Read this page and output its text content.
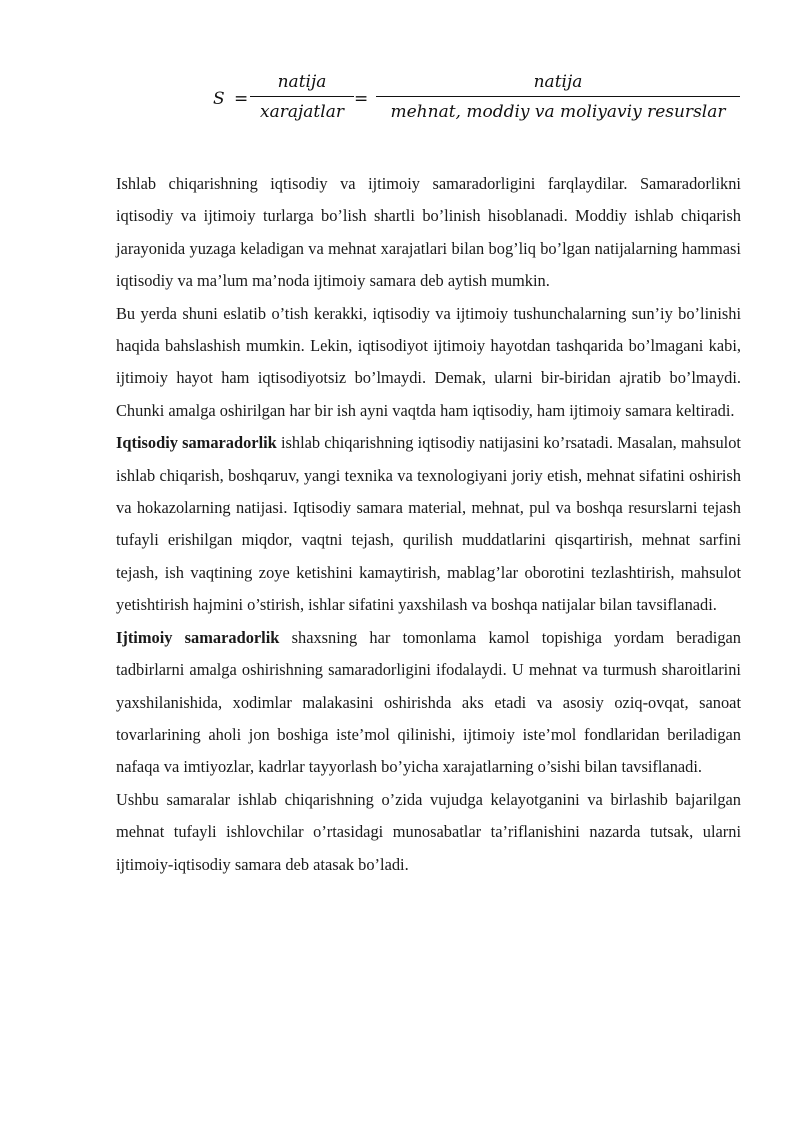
S =
natija
xarajatlar
=
natija
mehnat, moddiy va moliyaviy resurslar

Ishlab chiqarishning iqtisodiy va ijtimoiy samaradorligini farqlaydilar. Samaradorlikni iqtisodiy va ijtimoiy turlarga bo’lish shartli bo’linish hisoblanadi. Moddiy ishlab chiqarish jarayonida yuzaga keladigan va mehnat xarajatlari bilan bog’liq bo’lgan natijalarning hammasi iqtisodiy va ma’lum ma’noda ijtimoiy samara deb aytish mumkin.

Bu yerda shuni eslatib o’tish kerakki, iqtisodiy va ijtimoiy tushunchalarning sun’iy bo’linishi haqida bahslashish mumkin. Lekin, iqtisodiyot ijtimoiy hayotdan tashqarida bo’lmagani kabi, ijtimoiy hayot ham iqtisodiyotsiz bo’lmaydi. Demak, ularni bir-biridan ajratib bo’lmaydi. Chunki amalga oshirilgan har bir ish ayni vaqtda ham iqtisodiy, ham ijtimoiy samara keltiradi.

Iqtisodiy samaradorlik ishlab chiqarishning iqtisodiy natijasini ko’rsatadi. Masalan, mahsulot ishlab chiqarish, boshqaruv, yangi texnika va texnologiyani joriy etish, mehnat sifatini oshirish va hokazolarning natijasi. Iqtisodiy samara material, mehnat, pul va boshqa resurslarni tejash tufayli erishilgan miqdor, vaqtni tejash, qurilish muddatlarini qisqartirish, mehnat sarfini tejash, ish vaqtining zoye ketishini kamaytirish, mablag’lar oborotini tezlashtirish, mahsulot yetishtirish hajmini o’stirish, ishlar sifatini yaxshilash va boshqa natijalar bilan tavsiflanadi.

Ijtimoiy samaradorlik shaxsning har tomonlama kamol topishiga yordam beradigan tadbirlarni amalga oshirishning samaradorligini ifodalaydi. U mehnat va turmush sharoitlarini yaxshilanishida, xodimlar malakasini oshirishda aks etadi va asosiy oziq-ovqat, sanoat tovarlarining aholi jon boshiga iste’mol qilinishi, ijtimoiy iste’mol fondlaridan beriladigan nafaqa va imtiyozlar, kadrlar tayyorlash bo’yicha xarajatlarning o’sishi bilan tavsiflanadi.

Ushbu samaralar ishlab chiqarishning o’zida vujudga kelayotganini va birlashib bajarilgan mehnat tufayli ishlovchilar o’rtasidagi munosabatlar ta’riflanishini nazarda tutsak, ularni ijtimoiy-iqtisodiy samara deb atasak bo’ladi.
